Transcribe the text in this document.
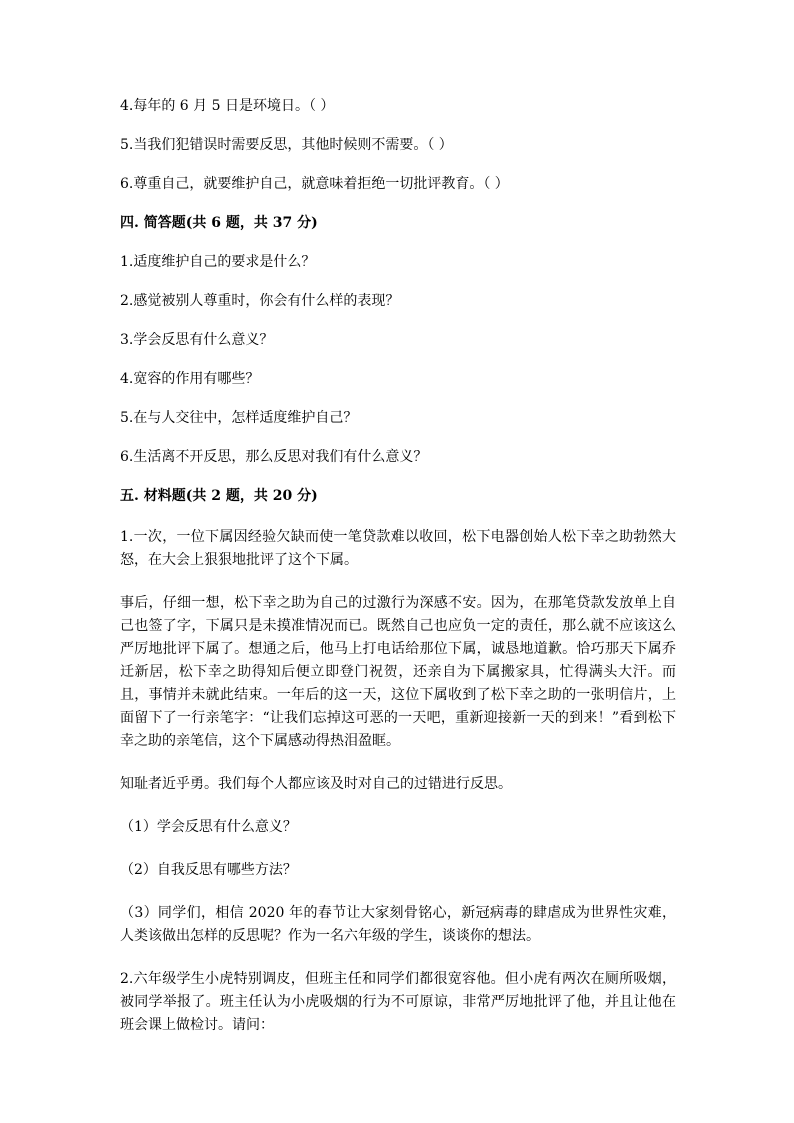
4.每年的 6 月 5 日是环境日。（ ）

5.当我们犯错误时需要反思，其他时候则不需要。（ ）

6.尊重自己，就要维护自己，就意味着拒绝一切批评教育。（ ）

四. 简答题(共 6 题，共 37 分)

1.适度维护自己的要求是什么？

2.感觉被别人尊重时，你会有什么样的表现？

3.学会反思有什么意义？

4.宽容的作用有哪些？

5.在与人交往中，怎样适度维护自己？

6.生活离不开反思，那么反思对我们有什么意义？

五. 材料题(共 2 题，共 20 分)

1.一次，一位下属因经验欠缺而使一笔贷款难以收回，松下电器创始人松下幸之助勃然大怒，在大会上狠狠地批评了这个下属。

事后，仔细一想，松下幸之助为自己的过激行为深感不安。因为，在那笔贷款发放单上自己也签了字，下属只是未摸准情况而已。既然自己也应负一定的责任，那么就不应该这么严厉地批评下属了。想通之后，他马上打电话给那位下属，诚恳地道歉。恰巧那天下属乔迁新居，松下幸之助得知后便立即登门祝贺，还亲自为下属搬家具，忙得满头大汗。而且，事情并未就此结束。一年后的这一天，这位下属收到了松下幸之助的一张明信片，上面留下了一行亲笔字：“让我们忘掉这可恶的一天吧，重新迎接新一天的到来！”看到松下幸之助的亲笔信，这个下属感动得热泪盈眶。

知耻者近乎勇。我们每个人都应该及时对自己的过错进行反思。

（1）学会反思有什么意义？

（2）自我反思有哪些方法？

（3）同学们，相信 2020 年的春节让大家刻骨铭心，新冠病毒的肆虐成为世界性灾难，人类该做出怎样的反思呢？作为一名六年级的学生，谈谈你的想法。

2.六年级学生小虎特别调皮，但班主任和同学们都很宽容他。但小虎有两次在厕所吸烟，被同学举报了。班主任认为小虎吸烟的行为不可原谅，非常严厉地批评了他，并且让他在班会课上做检讨。请问：
